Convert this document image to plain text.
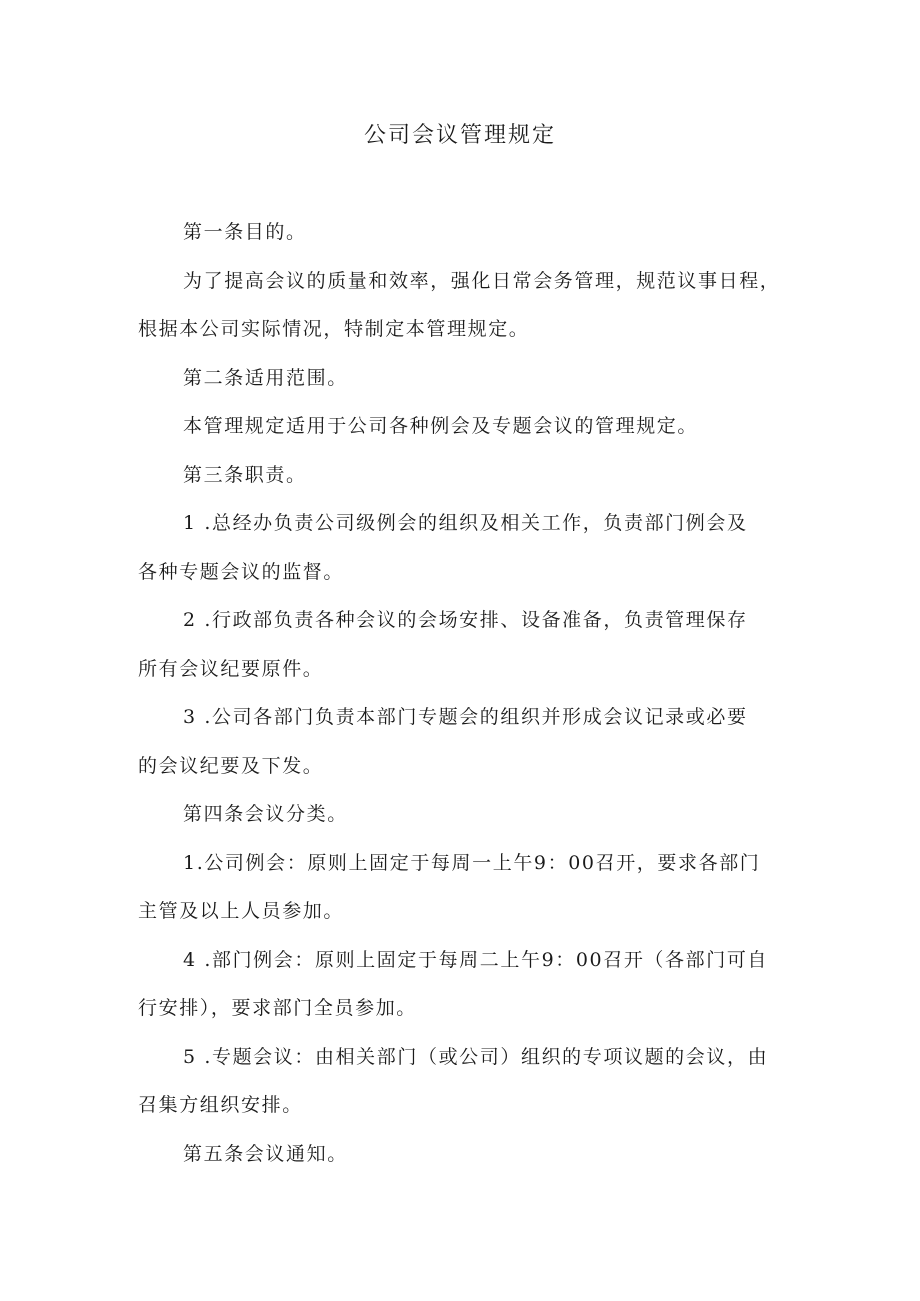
公司会议管理规定

第一条目的。

为了提高会议的质量和效率，强化日常会务管理，规范议事日程，
根据本公司实际情况，特制定本管理规定。

第二条适用范围。

本管理规定适用于公司各种例会及专题会议的管理规定。

第三条职责。

1 .总经办负责公司级例会的组织及相关工作，负责部门例会及
各种专题会议的监督。

2 .行政部负责各种会议的会场安排、设备准备，负责管理保存
所有会议纪要原件。

3 .公司各部门负责本部门专题会的组织并形成会议记录或必要
的会议纪要及下发。

第四条会议分类。

1.公司例会：原则上固定于每周一上午9：00召开，要求各部门
主管及以上人员参加。

4 .部门例会：原则上固定于每周二上午9：00召开（各部门可自
行安排），要求部门全员参加。

5 .专题会议：由相关部门（或公司）组织的专项议题的会议，由
召集方组织安排。

第五条会议通知。
